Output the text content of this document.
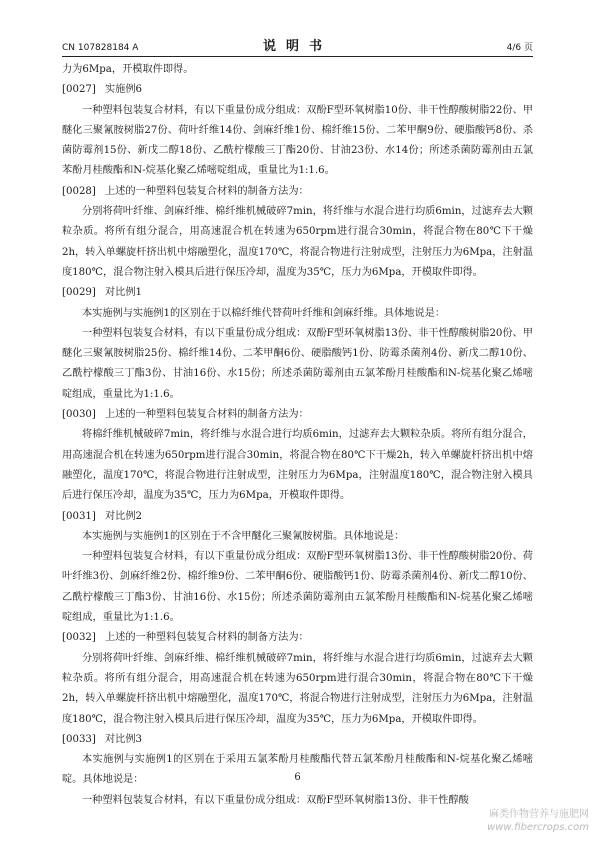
CN 107828184 A	说明书	4/6 页

力为6Mpa，开模取件即得。

[0027] 实施例6

一种塑料包装复合材料，有以下重量份成分组成：双酚F型环氧树脂10份、非干性醇酸树脂22份、甲醚化三聚氰胺树脂27份、荷叶纤维14份、剑麻纤维1份、棉纤维15份、二苯甲酮9份、硬脂酸钙8份、杀菌防霉剂15份、新戊二醇18份、乙酰柠檬酸三丁酯20份、甘油23份、水14份；所述杀菌防霉剂由五氯苯酚月桂酸酯和N-烷基化聚乙烯嘧啶组成，重量比为1:1.6。

[0028] 上述的一种塑料包装复合材料的制备方法为：

分别将荷叶纤维、剑麻纤维、棉纤维机械破碎7min，将纤维与水混合进行均质6min，过滤弃去大颗粒杂质。将所有组分混合，用高速混合机在转速为650rpm进行混合30min，将混合物在80℃下干燥2h，转入单螺旋杆挤出机中熔融塑化，温度170℃，将混合物进行注射成型，注射压力为6Mpa，注射温度180℃，混合物注射入模具后进行保压冷却，温度为35℃，压力为6Mpa，开模取件即得。

[0029] 对比例1

本实施例与实施例1的区别在于以棉纤维代替荷叶纤维和剑麻纤维。具体地说是：

一种塑料包装复合材料，有以下重量份成分组成：双酚F型环氧树脂13份、非干性醇酸树脂20份、甲醚化三聚氰胺树脂25份、棉纤维14份、二苯甲酮6份、硬脂酸钙1份、防霉杀菌剂4份、新戊二醇10份、乙酰柠檬酸三丁酯3份、甘油16份、水15份；所述杀菌防霉剂由五氯苯酚月桂酸酯和N-烷基化聚乙烯嘧啶组成，重量比为1:1.6。

[0030] 上述的一种塑料包装复合材料的制备方法为：

将棉纤维机械破碎7min，将纤维与水混合进行均质6min，过滤弃去大颗粒杂质。将所有组分混合，用高速混合机在转速为650rpm进行混合30min，将混合物在80℃下干燥2h，转入单螺旋杆挤出机中熔融塑化，温度170℃，将混合物进行注射成型，注射压力为6Mpa，注射温度180℃，混合物注射入模具后进行保压冷却，温度为35℃，压力为6Mpa，开模取件即得。

[0031] 对比例2

本实施例与实施例1的区别在于不含甲醚化三聚氰胺树脂。具体地说是：

一种塑料包装复合材料，有以下重量份成分组成：双酚F型环氧树脂13份、非干性醇酸树脂20份、荷叶纤维3份、剑麻纤维2份、棉纤维9份、二苯甲酮6份、硬脂酸钙1份、防霉杀菌剂4份、新戊二醇10份、乙酰柠檬酸三丁酯3份、甘油16份、水15份；所述杀菌防霉剂由五氯苯酚月桂酸酯和N-烷基化聚乙烯嘧啶组成，重量比为1:1.6。

[0032] 上述的一种塑料包装复合材料的制备方法为：

分别将荷叶纤维、剑麻纤维、棉纤维机械破碎7min，将纤维与水混合进行均质6min，过滤弃去大颗粒杂质。将所有组分混合，用高速混合机在转速为650rpm进行混合30min，将混合物在80℃下干燥2h，转入单螺旋杆挤出机中熔融塑化，温度170℃，将混合物进行注射成型，注射压力为6Mpa，注射温度180℃，混合物注射入模具后进行保压冷却，温度为35℃，压力为6Mpa，开模取件即得。

[0033] 对比例3

本实施例与实施例1的区别在于采用五氯苯酚月桂酸酯代替五氯苯酚月桂酸酯和N-烷基化聚乙烯嘧啶。具体地说是：

一种塑料包装复合材料，有以下重量份成分组成：双酚F型环氧树脂13份、非干性醇酸

6
麻类作物营养与施肥网
www.fibercrops.com
